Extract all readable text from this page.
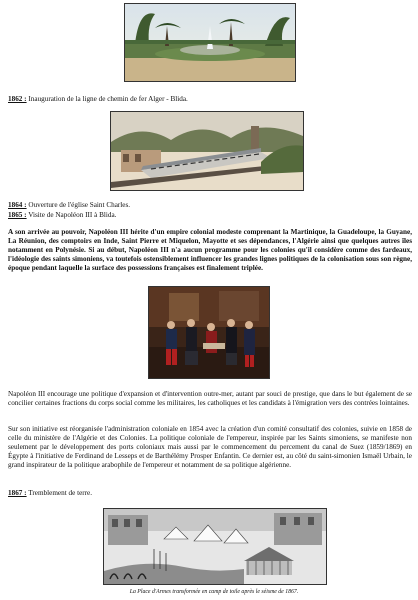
1862 : Inauguration de la ligne de chemin de fer Alger - Blida.
1864 : Ouverture de l'église Saint Charles.
1865 : Visite de Napoléon III à Blida.

A son arrivée au pouvoir, Napoléon III hérite d'un empire colonial modeste comprenant la Martinique, la Guadeloupe, la Guyane, La Réunion, des comptoirs en Inde, Saint Pierre et Miquelon, Mayotte et ses dépendances, l'Algérie ainsi que quelques autres îles notamment en Polynésie. Si au début, Napoléon III n'a aucun programme pour les colonies qu'il considère comme des fardeaux, l'idéologie des saints simoniens, va toutefois ostensiblement influencer les grandes lignes politiques de la colonisation sous son règne, époque pendant laquelle la surface des possessions françaises est finalement triplée.

Napoléon III encourage une politique d'expansion et d'intervention outre-mer, autant par souci de prestige, que dans le but également de se concilier certaines fractions du corps social comme les militaires, les catholiques et les candidats à l'émigration vers des contrées lointaines.

Sur son initiative est réorganisée l'administration coloniale en 1854 avec la création d'un comité consultatif des colonies, suivie en 1858 de celle du ministère de l'Algérie et des Colonies. La politique coloniale de l'empereur, inspirée par les Saints simoniens, se manifeste non seulement par le développement des ports coloniaux mais aussi par le commencement du percement du canal de Suez (1859/1869) en Égypte à l'initiative de Ferdinand de Lesseps et de Barthélémy Prosper Enfantin. Ce dernier est, au côté du saint-simonien Ismaël Urbain, le grand inspirateur de la politique arabophile de l'empereur et notamment de sa politique algérienne.

1867 : Tremblement de terre.
La Place d'Armes transformée en camp de toile après le séisme de 1867.
